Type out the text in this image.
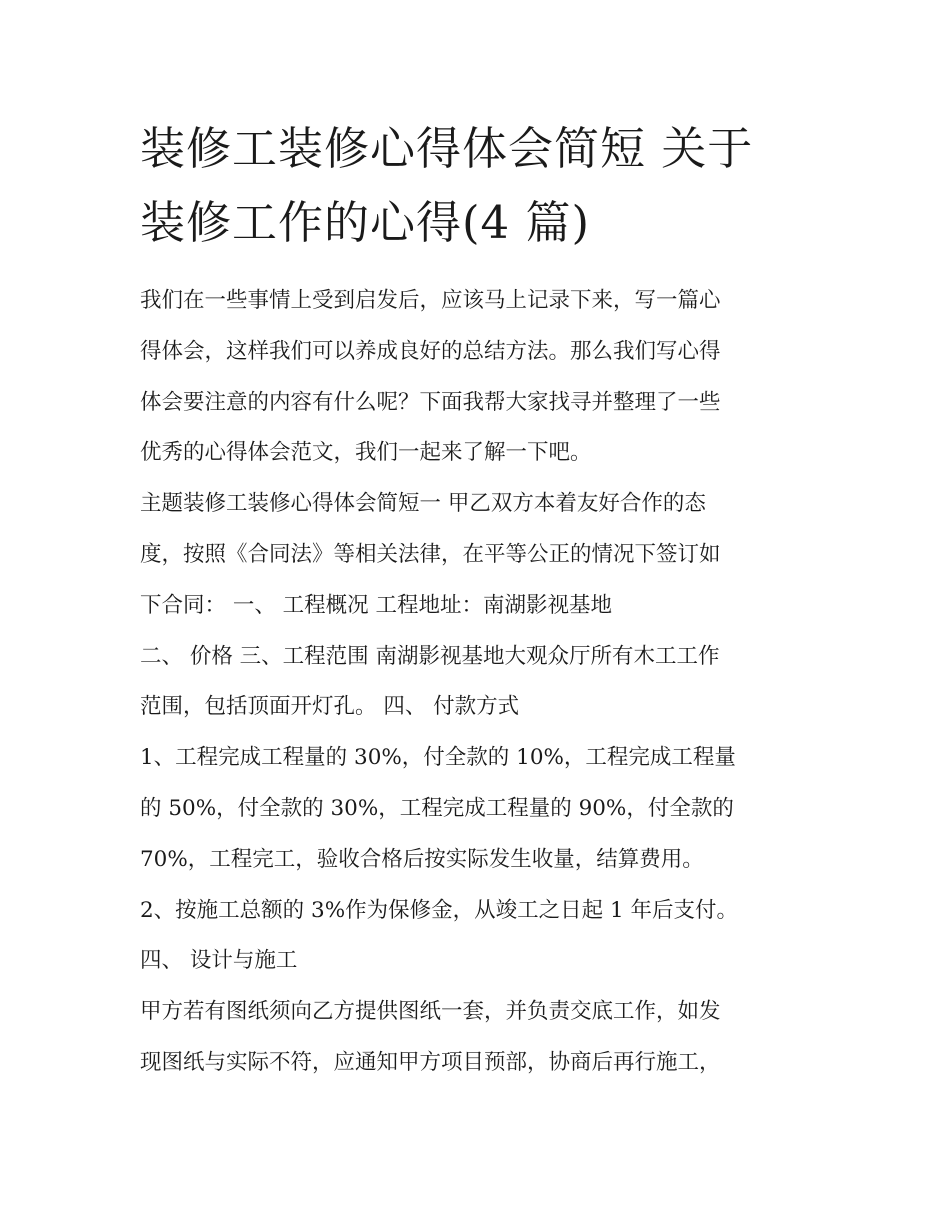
装修工装修心得体会简短 关于
装修工作的心得(4 篇)
我们在一些事情上受到启发后，应该马上记录下来，写一篇心
得体会，这样我们可以养成良好的总结方法。那么我们写心得
体会要注意的内容有什么呢？下面我帮大家找寻并整理了一些
优秀的心得体会范文，我们一起来了解一下吧。
主题装修工装修心得体会简短一 甲乙双方本着友好合作的态
度，按照《合同法》等相关法律，在平等公正的情况下签订如
下合同： 一、 工程概况 工程地址：南湖影视基地
二、 价格 三、工程范围 南湖影视基地大观众厅所有木工工作
范围，包括顶面开灯孔。 四、 付款方式
1、工程完成工程量的 30%，付全款的 10%，工程完成工程量
的 50%，付全款的 30%，工程完成工程量的 90%，付全款的
70%，工程完工，验收合格后按实际发生收量，结算费用。
2、按施工总额的 3%作为保修金，从竣工之日起 1 年后支付。
四、 设计与施工
甲方若有图纸须向乙方提供图纸一套，并负责交底工作，如发
现图纸与实际不符，应通知甲方项目预部，协商后再行施工，
